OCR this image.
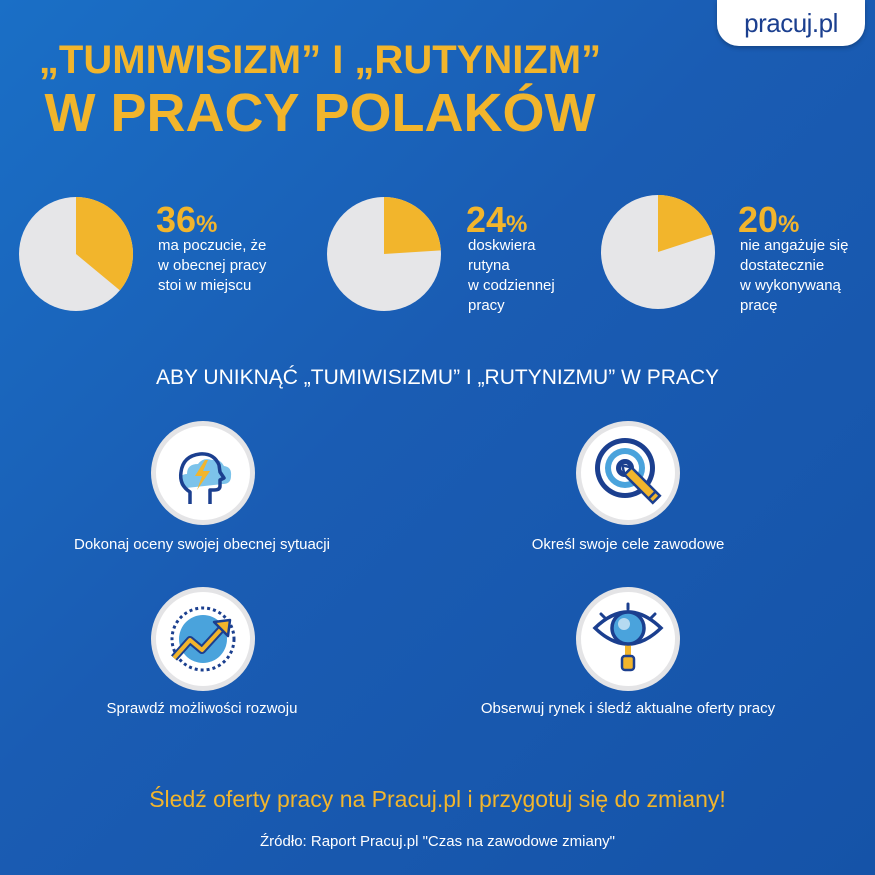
pracuj.pl
„TUMIWISIZM” I „RUTYNIZM”
W PRACY POLAKÓW
36%
ma poczucie, że
w obecnej pracy
stoi w miejscu
24%
doskwiera
rutyna
w codziennej
pracy
20%
nie angażuje się
dostatecznie
w wykonywaną
pracę
ABY UNIKNĄĆ „TUMIWISIZMU” I „RUTYNIZMU” W PRACY
Dokonaj oceny swojej obecnej sytuacji	Określ swoje cele zawodowe
Sprawdź możliwości rozwoju	Obserwuj rynek i śledź aktualne oferty pracy
Śledź oferty pracy na Pracuj.pl i przygotuj się do zmiany!
Źródło: Raport Pracuj.pl "Czas na zawodowe zmiany"
